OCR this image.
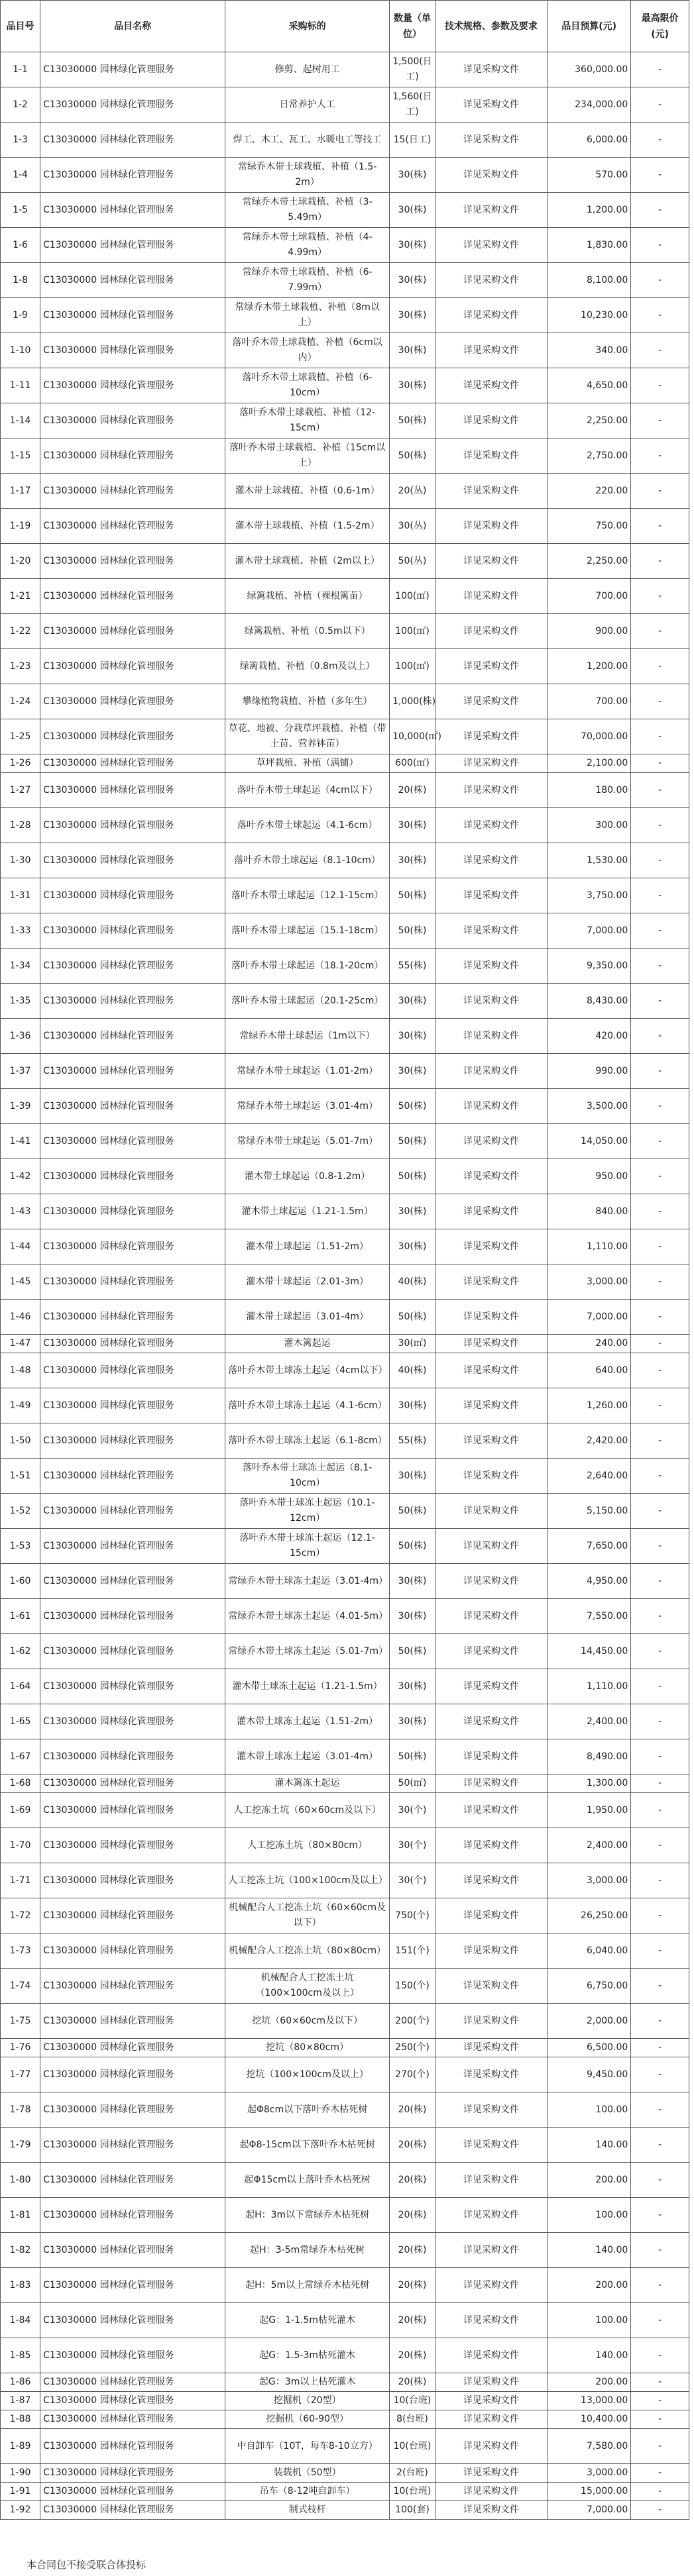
品目号	品目名称	采购标的	数量（单位）	技术规格、参数及要求	品目预算(元)	最高限价(元)
1-1	C13030000 园林绿化管理服务	修剪、起树用工	1,500(日工)	详见采购文件	360,000.00	-
1-2	C13030000 园林绿化管理服务	日常养护人工	1,560(日工)	详见采购文件	234,000.00	-
1-3	C13030000 园林绿化管理服务	焊工、木工、瓦工、水暖电工等技工	15(日工)	详见采购文件	6,000.00	-
1-4	C13030000 园林绿化管理服务	常绿乔木带土球栽植、补植（1.5-2m）	30(株)	详见采购文件	570.00	-
1-5	C13030000 园林绿化管理服务	常绿乔木带土球栽植、补植（3-5.49m）	30(株)	详见采购文件	1,200.00	-
1-6	C13030000 园林绿化管理服务	常绿乔木带土球栽植、补植（4-4.99m）	30(株)	详见采购文件	1,830.00	-
1-8	C13030000 园林绿化管理服务	常绿乔木带土球栽植、补植（6-7.99m）	30(株)	详见采购文件	8,100.00	-
1-9	C13030000 园林绿化管理服务	常绿乔木带土球栽植、补植（8m以上）	30(株)	详见采购文件	10,230.00	-
1-10	C13030000 园林绿化管理服务	落叶乔木带土球栽植、补植（6cm以内）	30(株)	详见采购文件	340.00	-
1-11	C13030000 园林绿化管理服务	落叶乔木带土球栽植、补植（6-10cm）	30(株)	详见采购文件	4,650.00	-
1-14	C13030000 园林绿化管理服务	落叶乔木带土球栽植、补植（12-15cm）	50(株)	详见采购文件	2,250.00	-
1-15	C13030000 园林绿化管理服务	落叶乔木带土球栽植、补植（15cm以上）	50(株)	详见采购文件	2,750.00	-
1-17	C13030000 园林绿化管理服务	灌木带土球栽植、补植（0.6-1m）	20(丛)	详见采购文件	220.00	-
1-19	C13030000 园林绿化管理服务	灌木带土球栽植、补植（1.5-2m）	30(丛)	详见采购文件	750.00	-
1-20	C13030000 园林绿化管理服务	灌木带土球栽植、补植（2m以上）	50(丛)	详见采购文件	2,250.00	-
1-21	C13030000 园林绿化管理服务	绿篱栽植、补植（裸根篱苗）	100(㎡)	详见采购文件	700.00	-
1-22	C13030000 园林绿化管理服务	绿篱栽植、补植（0.5m以下）	100(㎡)	详见采购文件	900.00	-
1-23	C13030000 园林绿化管理服务	绿篱栽植、补植（0.8m及以上）	100(㎡)	详见采购文件	1,200.00	-
1-24	C13030000 园林绿化管理服务	攀缘植物栽植、补植（多年生）	1,000(株)	详见采购文件	700.00	-
1-25	C13030000 园林绿化管理服务	草花、地被、分栽草坪栽植、补植（带土苗、营养钵苗）	10,000(㎡)	详见采购文件	70,000.00	-
1-26	C13030000 园林绿化管理服务	草坪栽植、补植（满铺）	600(㎡)	详见采购文件	2,100.00	-
1-27	C13030000 园林绿化管理服务	落叶乔木带土球起运（4cm以下）	20(株)	详见采购文件	180.00	-
1-28	C13030000 园林绿化管理服务	落叶乔木带土球起运（4.1-6cm）	30(株)	详见采购文件	300.00	-
1-30	C13030000 园林绿化管理服务	落叶乔木带土球起运（8.1-10cm）	30(株)	详见采购文件	1,530.00	-
1-31	C13030000 园林绿化管理服务	落叶乔木带土球起运（12.1-15cm）	50(株)	详见采购文件	3,750.00	-
1-33	C13030000 园林绿化管理服务	落叶乔木带土球起运（15.1-18cm）	50(株)	详见采购文件	7,000.00	-
1-34	C13030000 园林绿化管理服务	落叶乔木带土球起运（18.1-20cm）	55(株)	详见采购文件	9,350.00	-
1-35	C13030000 园林绿化管理服务	落叶乔木带土球起运（20.1-25cm）	30(株)	详见采购文件	8,430.00	-
1-36	C13030000 园林绿化管理服务	常绿乔木带土球起运（1m以下）	30(株)	详见采购文件	420.00	-
1-37	C13030000 园林绿化管理服务	常绿乔木带土球起运（1.01-2m）	30(株)	详见采购文件	990.00	-
1-39	C13030000 园林绿化管理服务	常绿乔木带土球起运（3.01-4m）	50(株)	详见采购文件	3,500.00	-
1-41	C13030000 园林绿化管理服务	常绿乔木带土球起运（5.01-7m）	50(株)	详见采购文件	14,050.00	-
1-42	C13030000 园林绿化管理服务	灌木带土球起运（0.8-1.2m）	50(株)	详见采购文件	950.00	-
1-43	C13030000 园林绿化管理服务	灌木带土球起运（1.21-1.5m）	30(株)	详见采购文件	840.00	-
1-44	C13030000 园林绿化管理服务	灌木带土球起运（1.51-2m）	30(株)	详见采购文件	1,110.00	-
1-45	C13030000 园林绿化管理服务	灌木带十球起运（2.01-3m）	40(株)	详见采购文件	3,000.00	-
1-46	C13030000 园林绿化管理服务	灌木带土球起运（3.01-4m）	50(株)	详见采购文件	7,000.00	-
1-47	C13030000 园林绿化管理服务	灌木篱起运	30(㎡)	详见采购文件	240.00	-
1-48	C13030000 园林绿化管理服务	落叶乔木带土球冻土起运（4cm以下）	40(株)	详见采购文件	640.00	-
1-49	C13030000 园林绿化管理服务	落叶乔木带土球冻土起运（4.1-6cm）	30(株)	详见采购文件	1,260.00	-
1-50	C13030000 园林绿化管理服务	落叶乔木带土球冻土起运（6.1-8cm）	55(株)	详见采购文件	2,420.00	-
1-51	C13030000 园林绿化管理服务	落叶乔木带土球冻土起运（8.1-10cm）	30(株)	详见采购文件	2,640.00	-
1-52	C13030000 园林绿化管理服务	落叶乔木带土球冻土起运（10.1-12cm）	50(株)	详见采购文件	5,150.00	-
1-53	C13030000 园林绿化管理服务	落叶乔木带土球冻土起运（12.1-15cm）	50(株)	详见采购文件	7,650.00	-
1-60	C13030000 园林绿化管理服务	常绿乔木带土球冻土起运（3.01-4m）	30(株)	详见采购文件	4,950.00	-
1-61	C13030000 园林绿化管理服务	常绿乔木带土球冻土起运（4.01-5m）	30(株)	详见采购文件	7,550.00	-
1-62	C13030000 园林绿化管理服务	常绿乔木带土球冻土起运（5.01-7m）	50(株)	详见采购文件	14,450.00	-
1-64	C13030000 园林绿化管理服务	灌木带土球冻土起运（1.21-1.5m）	30(株)	详见采购文件	1,110.00	-
1-65	C13030000 园林绿化管理服务	灌木带土球冻土起运（1.51-2m）	30(株)	详见采购文件	2,400.00	-
1-67	C13030000 园林绿化管理服务	灌木带土球冻土起运（3.01-4m）	50(株)	详见采购文件	8,490.00	-
1-68	C13030000 园林绿化管理服务	灌木篱冻土起运	50(㎡)	详见采购文件	1,300.00	-
1-69	C13030000 园林绿化管理服务	人工挖冻土坑（60×60cm及以下）	30(个)	详见采购文件	1,950.00	-
1-70	C13030000 园林绿化管理服务	人工挖冻土坑（80×80cm）	30(个)	详见采购文件	2,400.00	-
1-71	C13030000 园林绿化管理服务	人工挖冻土坑（100×100cm及以上）	30(个)	详见采购文件	3,000.00	-
1-72	C13030000 园林绿化管理服务	机械配合人工挖冻土坑（60×60cm及以下）	750(个)	详见采购文件	26,250.00	-
1-73	C13030000 园林绿化管理服务	机械配合人工挖冻土坑（80×80cm）	151(个)	详见采购文件	6,040.00	-
1-74	C13030000 园林绿化管理服务	机械配合人工挖冻土坑（100×100cm及以上）	150(个)	详见采购文件	6,750.00	-
1-75	C13030000 园林绿化管理服务	挖坑（60×60cm及以下）	200(个)	详见采购文件	2,000.00	-
1-76	C13030000 园林绿化管理服务	挖坑（80×80cm）	250(个)	详见采购文件	6,500.00	-
1-77	C13030000 园林绿化管理服务	挖坑（100×100cm及以上）	270(个)	详见采购文件	9,450.00	-
1-78	C13030000 园林绿化管理服务	起Φ8cm以下落叶乔木枯死树	20(株)	详见采购文件	100.00	-
1-79	C13030000 园林绿化管理服务	起Φ8-15cm以下落叶乔木枯死树	20(株)	详见采购文件	140.00	-
1-80	C13030000 园林绿化管理服务	起Φ15cm以上落叶乔木枯死树	20(株)	详见采购文件	200.00	-
1-81	C13030000 园林绿化管理服务	起H：3m以下常绿乔木枯死树	20(株)	详见采购文件	100.00	-
1-82	C13030000 园林绿化管理服务	起H：3-5m常绿乔木枯死树	20(株)	详见采购文件	140.00	-
1-83	C13030000 园林绿化管理服务	起H：5m以上常绿乔木枯死树	20(株)	详见采购文件	200.00	-
1-84	C13030000 园林绿化管理服务	起G：1-1.5m枯死灌木	20(株)	详见采购文件	100.00	-
1-85	C13030000 园林绿化管理服务	起G：1.5-3m枯死灌木	20(株)	详见采购文件	140.00	-
1-86	C13030000 园林绿化管理服务	起G：3m以上枯死灌木	20(株)	详见采购文件	200.00	-
1-87	C13030000 园林绿化管理服务	挖掘机（20型）	10(台班)	详见采购文件	13,000.00	-
1-88	C13030000 园林绿化管理服务	挖掘机（60-90型）	8(台班)	详见采购文件	10,400.00	-
1-89	C13030000 园林绿化管理服务	中自卸车（10T，每车8-10立方）	10(台班)	详见采购文件	7,580.00	-
1-90	C13030000 园林绿化管理服务	装载机（50型）	2(台班)	详见采购文件	3,000.00	-
1-91	C13030000 园林绿化管理服务	吊车（8-12吨自卸车）	10(台班)	详见采购文件	15,000.00	-
1-92	C13030000 园林绿化管理服务	制式枝杆	100(套)	详见采购文件	7,000.00	-
本合同包不接受联合体投标
